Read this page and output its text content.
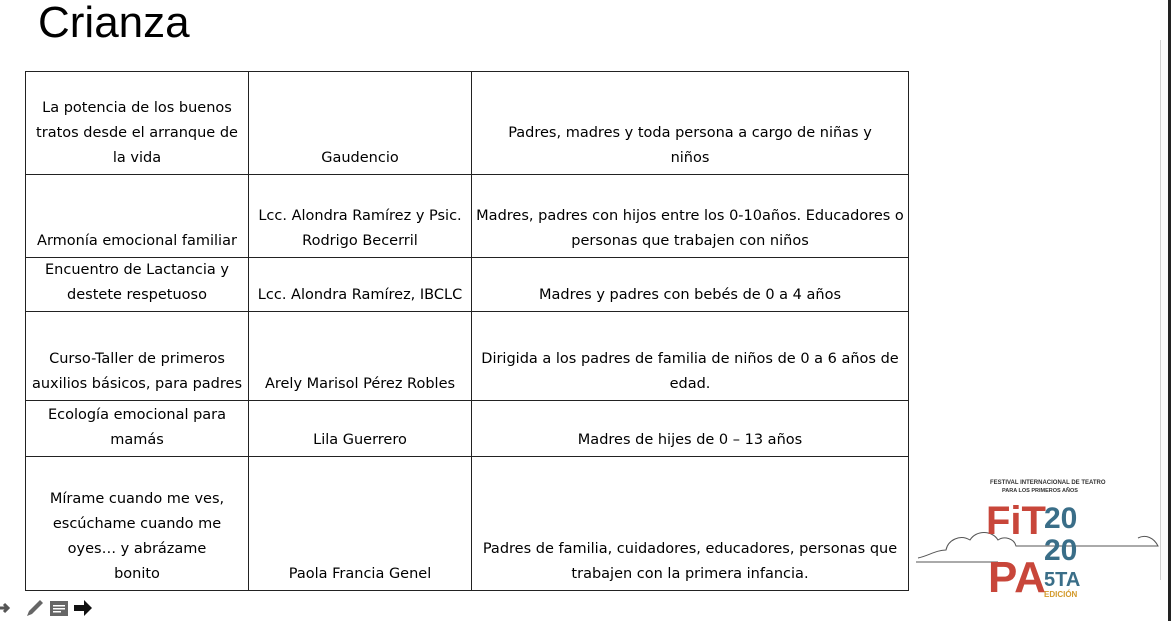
Crianza
La potencia de los buenos tratos desde el arranque de la vida	Gaudencio	Padres, madres y toda persona a cargo de niñas y niños
Armonía emocional familiar	Lcc. Alondra Ramírez y Psic. Rodrigo Becerril	Madres, padres con hijos entre los 0-10años. Educadores o personas que trabajen con niños
Encuentro de Lactancia y destete respetuoso	Lcc. Alondra Ramírez, IBCLC	Madres y padres con bebés de 0 a 4 años
Curso-Taller de primeros auxilios básicos, para padres	Arely Marisol Pérez Robles	Dirigida a los padres de familia de niños de 0 a 6 años de edad.
Ecología emocional para mamás	Lila Guerrero	Madres de hijes de 0 – 13 años
Mírame cuando me ves, escúchame cuando me oyes… y abrázame bonito	Paola Francia Genel	Padres de familia, cuidadores, educadores, personas que trabajen con la primera infancia.
FESTIVAL INTERNACIONAL DE TEATRO
PARA LOS PRIMEROS AÑOS
FiT
PA
20
20
5TA
EDICIÓN
